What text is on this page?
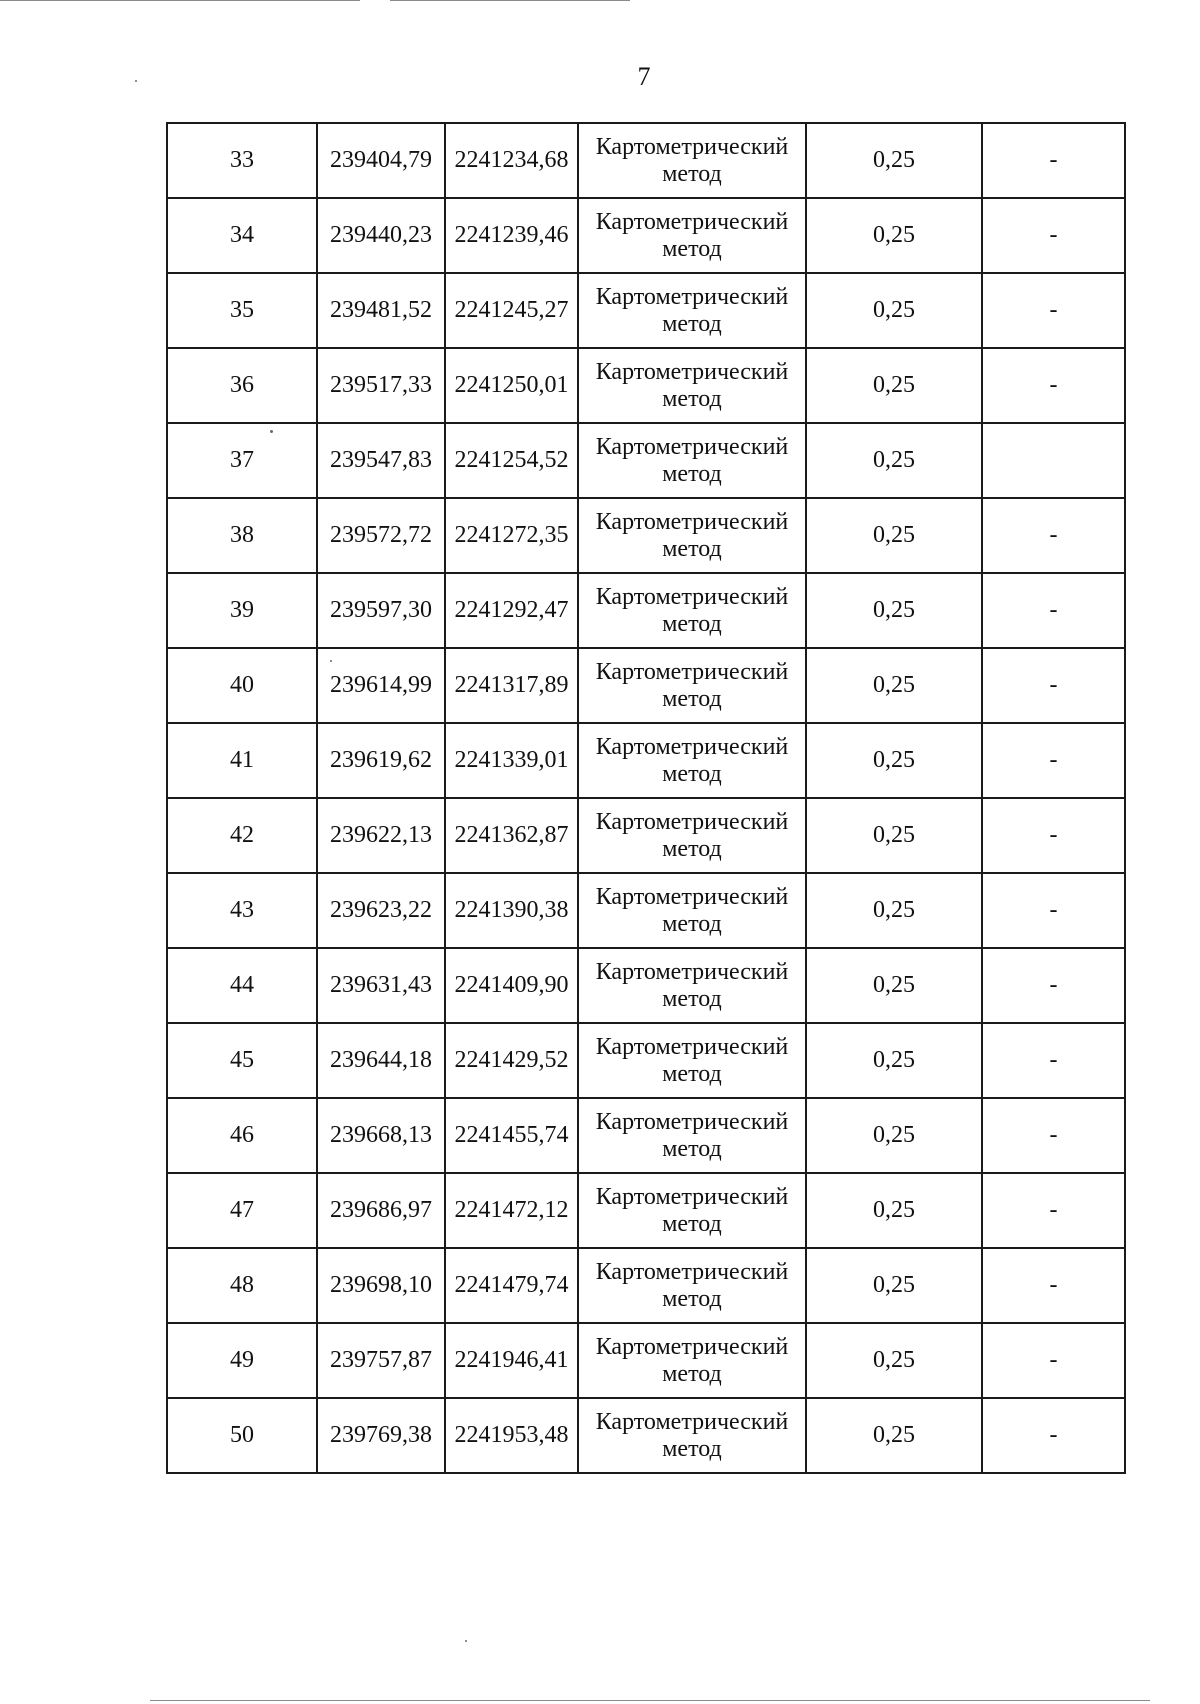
7
33	239404,79	2241234,68	Картометрический
метод	0,25	-
34	239440,23	2241239,46	Картометрический
метод	0,25	-
35	239481,52	2241245,27	Картометрический
метод	0,25	-
36	239517,33	2241250,01	Картометрический
метод	0,25	-
37	239547,83	2241254,52	Картометрический
метод	0,25	
38	239572,72	2241272,35	Картометрический
метод	0,25	-
39	239597,30	2241292,47	Картометрический
метод	0,25	-
40	239614,99	2241317,89	Картометрический
метод	0,25	-
41	239619,62	2241339,01	Картометрический
метод	0,25	-
42	239622,13	2241362,87	Картометрический
метод	0,25	-
43	239623,22	2241390,38	Картометрический
метод	0,25	-
44	239631,43	2241409,90	Картометрический
метод	0,25	-
45	239644,18	2241429,52	Картометрический
метод	0,25	-
46	239668,13	2241455,74	Картометрический
метод	0,25	-
47	239686,97	2241472,12	Картометрический
метод	0,25	-
48	239698,10	2241479,74	Картометрический
метод	0,25	-
49	239757,87	2241946,41	Картометрический
метод	0,25	-
50	239769,38	2241953,48	Картометрический
метод	0,25	-
